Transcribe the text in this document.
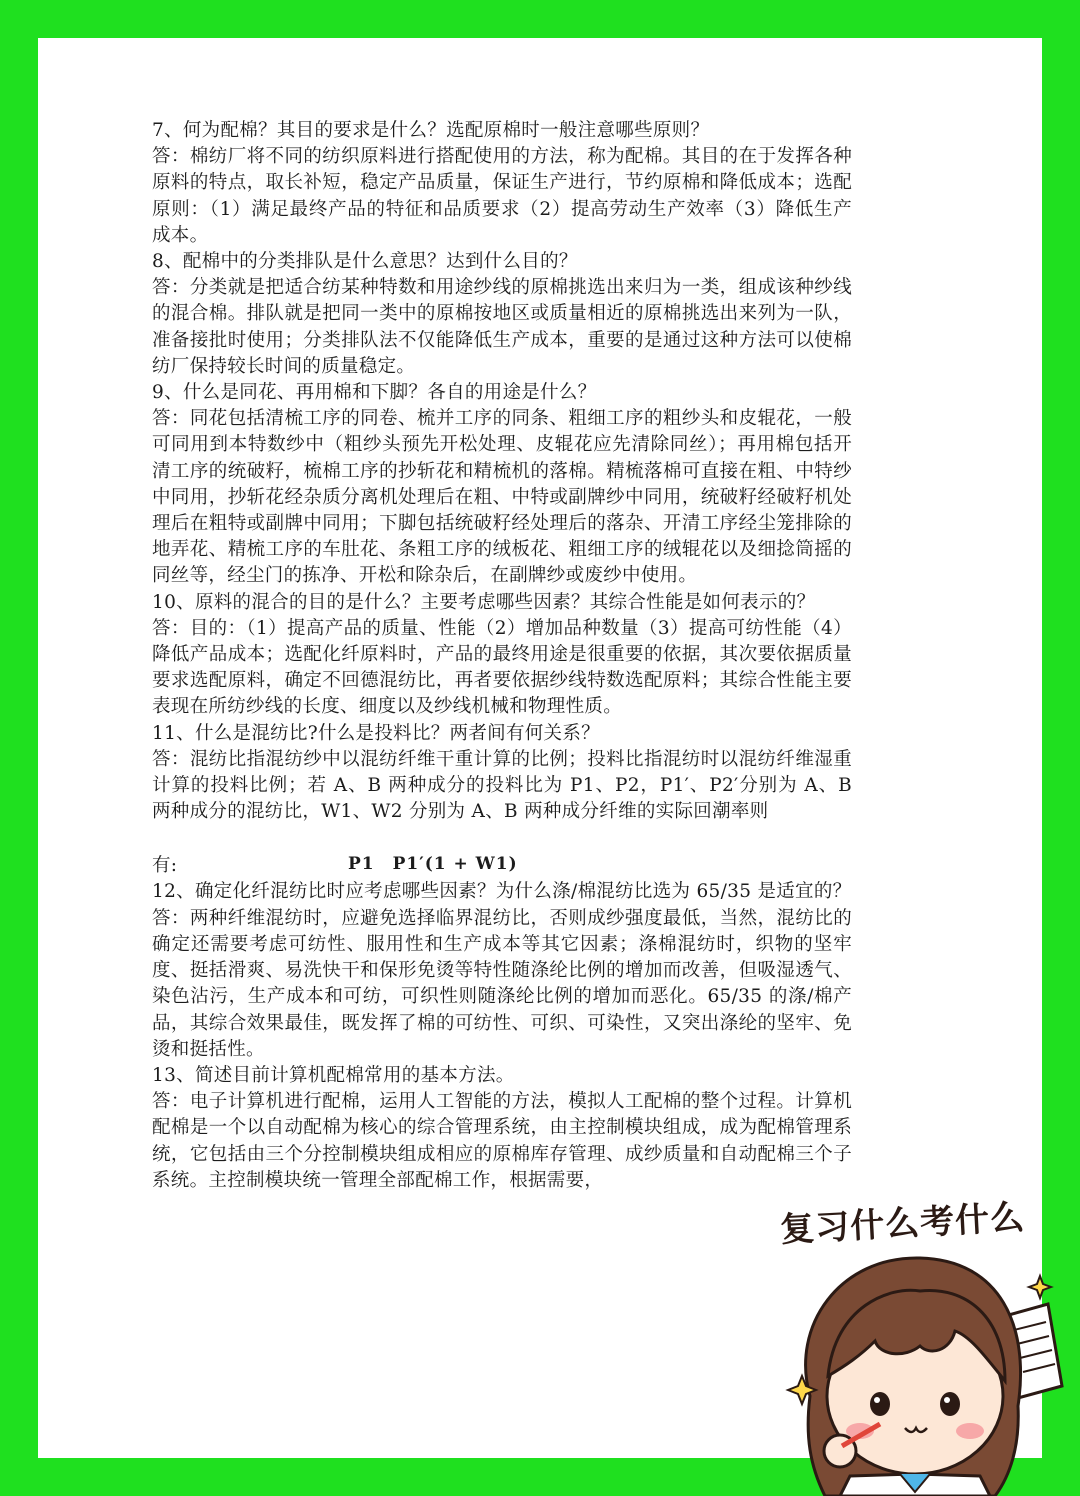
7、何为配棉？其目的要求是什么？选配原棉时一般注意哪些原则？

答：棉纺厂将不同的纺织原料进行搭配使用的方法，称为配棉。其目的在于发挥各种原料的特点，取长补短，稳定产品质量，保证生产进行，节约原棉和降低成本；选配原则：（1）满足最终产品的特征和品质要求（2）提高劳动生产效率（3）降低生产成本。

8、配棉中的分类排队是什么意思？达到什么目的？

答：分类就是把适合纺某种特数和用途纱线的原棉挑选出来归为一类，组成该种纱线的混合棉。排队就是把同一类中的原棉按地区或质量相近的原棉挑选出来列为一队，准备接批时使用；分类排队法不仅能降低生产成本，重要的是通过这种方法可以使棉纺厂保持较长时间的质量稳定。

9、什么是同花、再用棉和下脚？各自的用途是什么？

答：同花包括清梳工序的同卷、梳并工序的同条、粗细工序的粗纱头和皮辊花，一般可同用到本特数纱中（粗纱头预先开松处理、皮辊花应先清除同丝）；再用棉包括开清工序的统破籽，梳棉工序的抄斩花和精梳机的落棉。精梳落棉可直接在粗、中特纱中同用，抄斩花经杂质分离机处理后在粗、中特或副牌纱中同用，统破籽经破籽机处理后在粗特或副牌中同用；下脚包括统破籽经处理后的落杂、开清工序经尘笼排除的地弄花、精梳工序的车肚花、条粗工序的绒板花、粗细工序的绒辊花以及细捻筒摇的同丝等，经尘门的拣净、开松和除杂后，在副牌纱或废纱中使用。

10、原料的混合的目的是什么？主要考虑哪些因素？其综合性能是如何表示的？

答：目的：（1）提高产品的质量、性能（2）增加品种数量（3）提高可纺性能（4）降低产品成本；选配化纤原料时，产品的最终用途是很重要的依据，其次要依据质量要求选配原料，确定不回德混纺比，再者要依据纱线特数选配原料；其综合性能主要表现在所纺纱线的长度、细度以及纱线机械和物理性质。

11、什么是混纺比?什么是投料比？两者间有何关系？

答：混纺比指混纺纱中以混纺纤维干重计算的比例；投料比指混纺时以混纺纤维湿重计算的投料比例；若 A、B 两种成分的投料比为 P1、P2，P1′、P2′分别为 A、B 两种成分的混纺比，W1、W2 分别为 A、B 两种成分纤维的实际回潮率则

有:	P1　P1′(1 + W1)

12、确定化纤混纺比时应考虑哪些因素？为什么涤/棉混纺比选为 65/35 是适宜的？

答：两种纤维混纺时，应避免选择临界混纺比，否则成纱强度最低，当然，混纺比的确定还需要考虑可纺性、服用性和生产成本等其它因素；涤棉混纺时，织物的坚牢度、挺括滑爽、易洗快干和保形免烫等特性随涤纶比例的增加而改善，但吸湿透气、染色沾污，生产成本和可纺，可织性则随涤纶比例的增加而恶化。65/35 的涤/棉产品，其综合效果最佳，既发挥了棉的可纺性、可织、可染性，又突出涤纶的坚牢、免烫和挺括性。

13、简述目前计算机配棉常用的基本方法。

答：电子计算机进行配棉，运用人工智能的方法，模拟人工配棉的整个过程。计算机配棉是一个以自动配棉为核心的综合管理系统，由主控制模块组成，成为配棉管理系统，它包括由三个分控制模块组成相应的原棉库存管理、成纱质量和自动配棉三个子系统。主控制模块统一管理全部配棉工作，根据需要，

复习什么考什么
